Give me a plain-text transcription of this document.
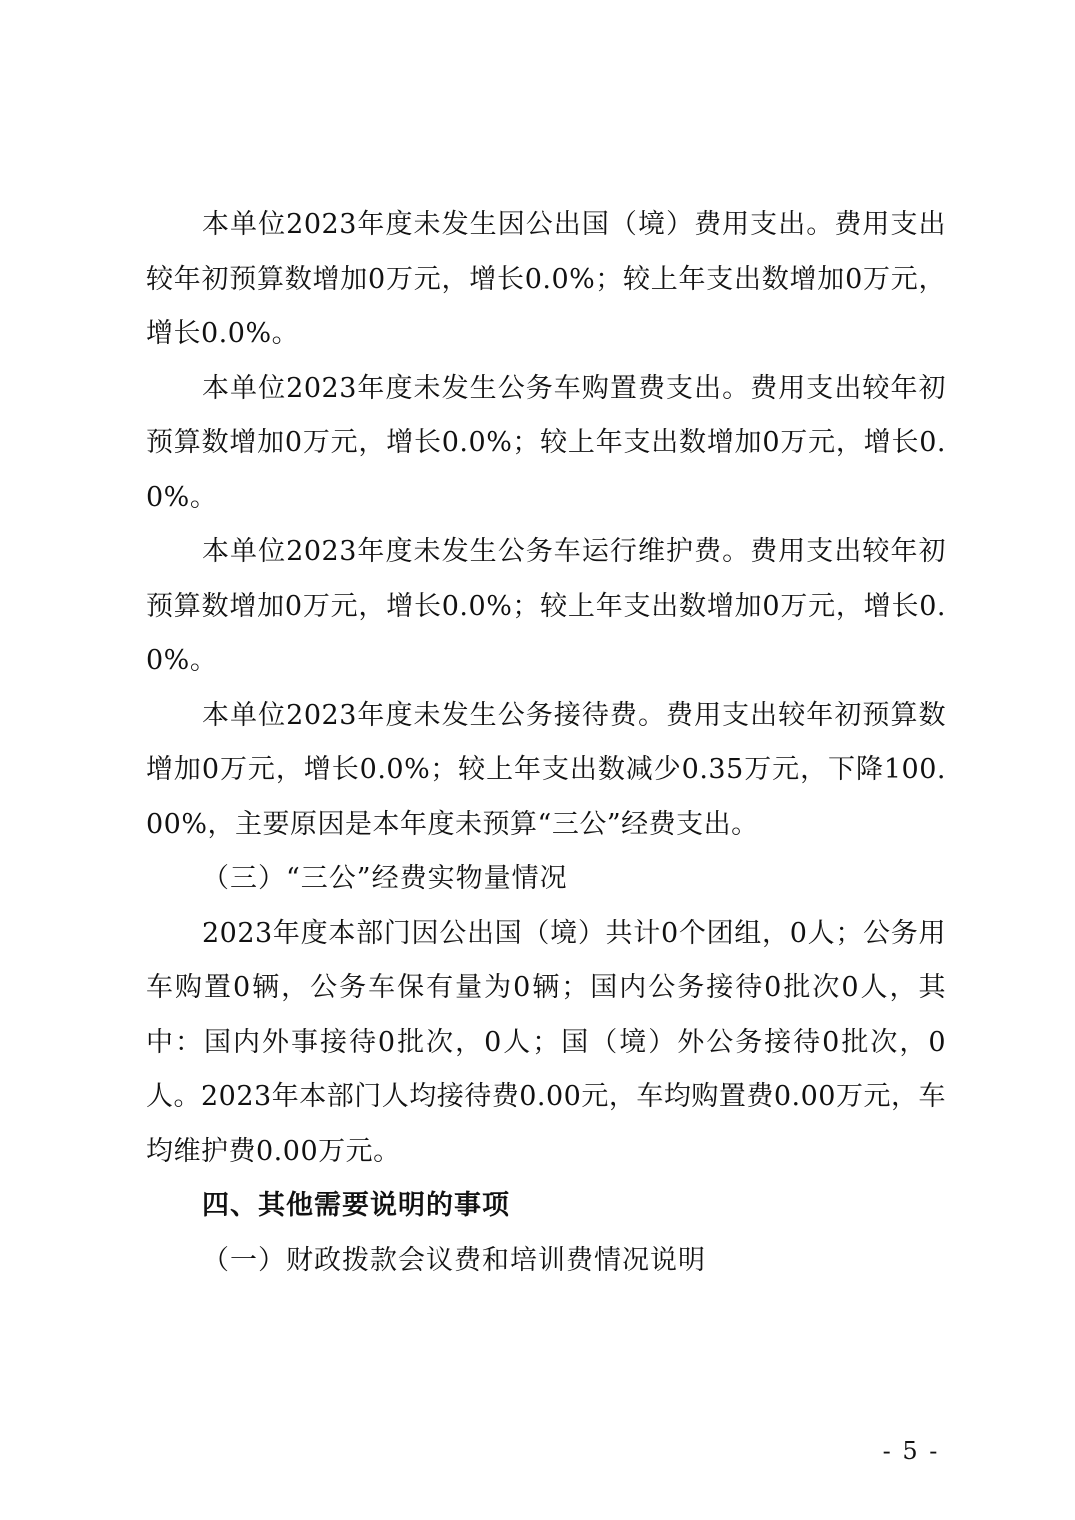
本单位2023年度未发生因公出国（境）费用支出。费用支出较年初预算数增加0万元，增长0.0%；较上年支出数增加0万元，增长0.0%。

本单位2023年度未发生公务车购置费支出。费用支出较年初预算数增加0万元，增长0.0%；较上年支出数增加0万元，增长0.0%。

本单位2023年度未发生公务车运行维护费。费用支出较年初预算数增加0万元，增长0.0%；较上年支出数增加0万元，增长0.0%。

本单位2023年度未发生公务接待费。费用支出较年初预算数增加0万元，增长0.0%；较上年支出数减少0.35万元，下降100.00%，主要原因是本年度未预算“三公”经费支出。

（三）“三公”经费实物量情况

2023年度本部门因公出国（境）共计0个团组，0人；公务用车购置0辆，公务车保有量为0辆；国内公务接待0批次0人，其中：国内外事接待0批次，0人；国（境）外公务接待0批次，0人。2023年本部门人均接待费0.00元，车均购置费0.00万元，车均维护费0.00万元。

四、其他需要说明的事项

（一）财政拨款会议费和培训费情况说明

- 5 -
